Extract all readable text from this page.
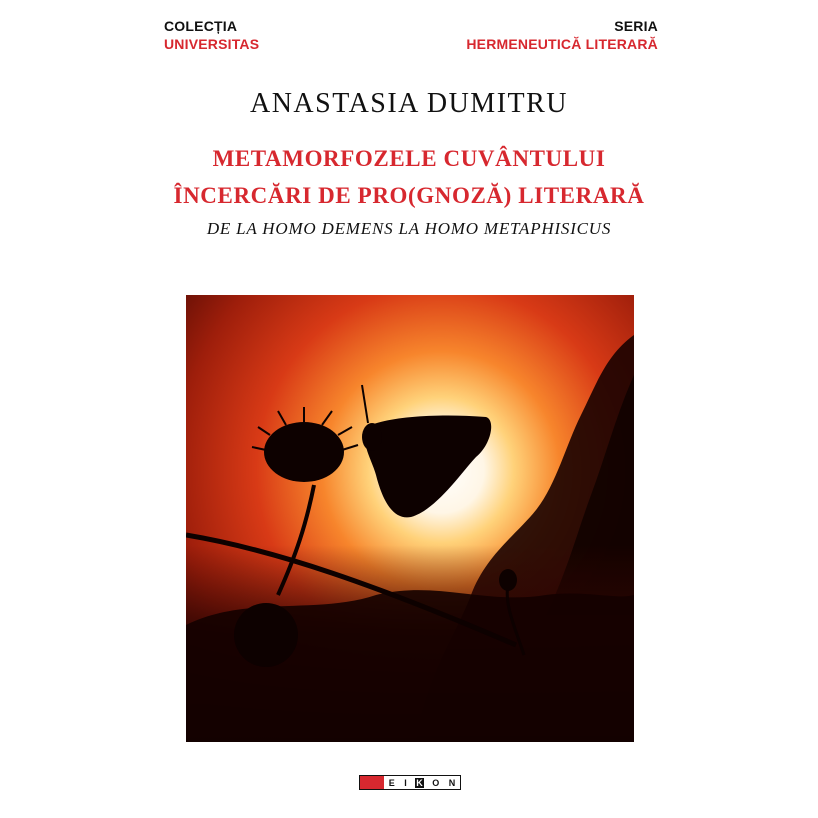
COLECȚIA
UNIVERSITAS
SERIA
HERMENEUTICĂ LITERARĂ
ANASTASIA DUMITRU
METAMORFOZELE CUVÂNTULUI
ÎNCERCĂRI DE PRO(GNOZĂ) LITERARĂ
DE LA HOMO DEMENS LA HOMO METAPHISICUS
E I K O N
